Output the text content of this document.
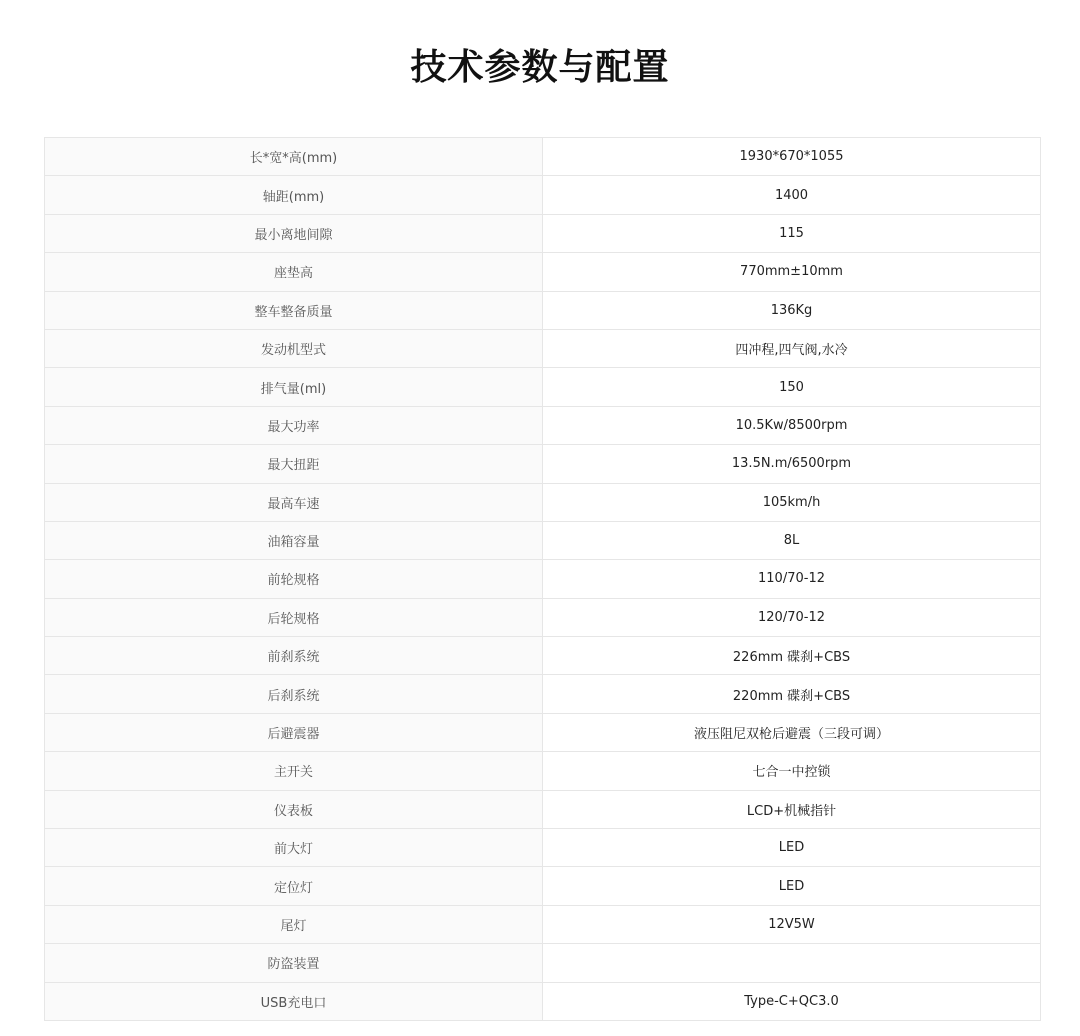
技术参数与配置
长*宽*高(mm)	1930*670*1055
轴距(mm)	1400
最小离地间隙	115
座垫高	770mm±10mm
整车整备质量	136Kg
发动机型式	四冲程,四气阀,水冷
排气量(ml)	150
最大功率	10.5Kw/8500rpm
最大扭距	13.5N.m/6500rpm
最高车速	105km/h
油箱容量	8L
前轮规格	110/70-12
后轮规格	120/70-12
前刹系统	226mm 碟刹+CBS
后刹系统	220mm 碟刹+CBS
后避震器	液压阻尼双枪后避震（三段可调）
主开关	七合一中控锁
仪表板	LCD+机械指针
前大灯	LED
定位灯	LED
尾灯	12V5W
防盗装置	
USB充电口	Type-C+QC3.0
